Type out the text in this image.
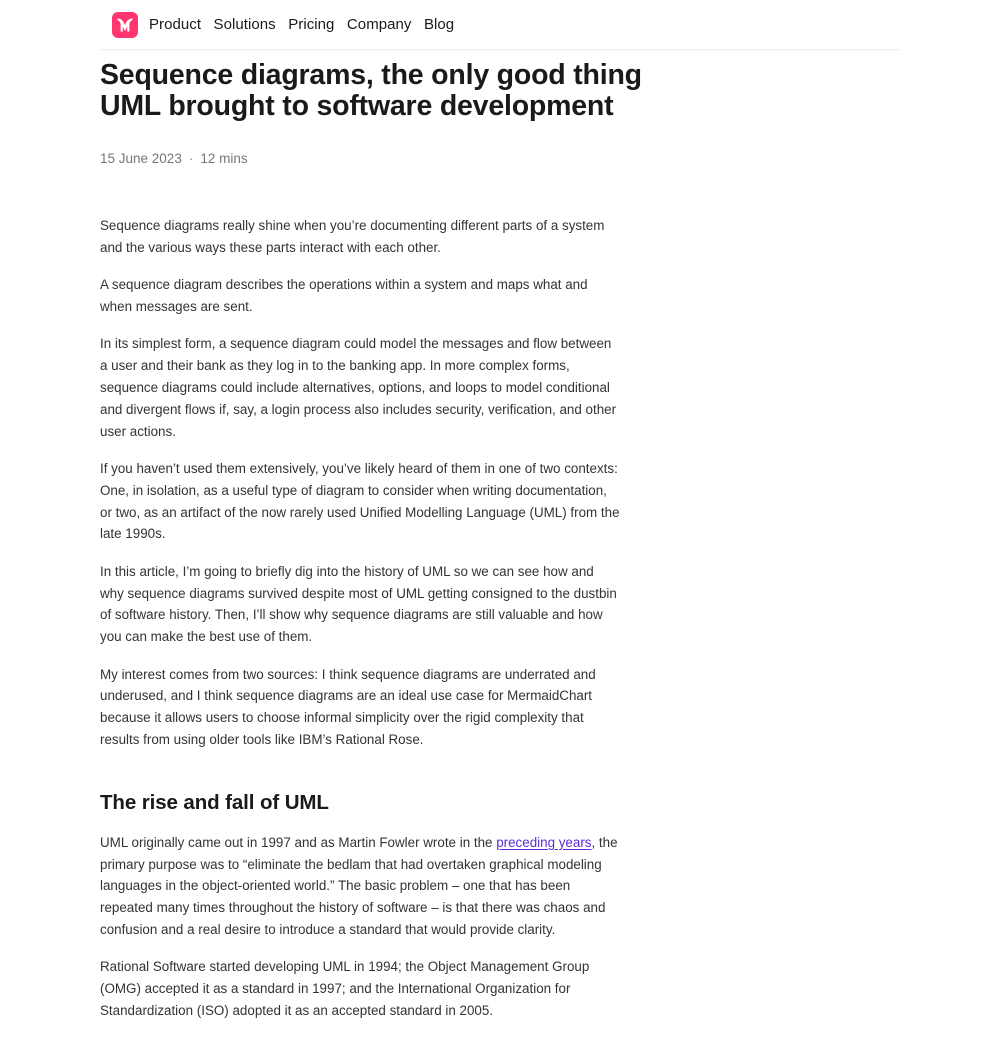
Product Solutions Pricing Company Blog
Sequence diagrams, the only good thing
UML brought to software development
15 June 2023 · 12 mins

Sequence diagrams really shine when you’re documenting different parts of a system and the various ways these parts interact with each other.

A sequence diagram describes the operations within a system and maps what and when messages are sent.

In its simplest form, a sequence diagram could model the messages and flow between a user and their bank as they log in to the banking app. In more complex forms, sequence diagrams could include alternatives, options, and loops to model conditional and divergent flows if, say, a login process also includes security, verification, and other user actions.

If you haven’t used them extensively, you’ve likely heard of them in one of two contexts: One, in isolation, as a useful type of diagram to consider when writing documentation, or two, as an artifact of the now rarely used Unified Modelling Language (UML) from the late 1990s.

In this article, I’m going to briefly dig into the history of UML so we can see how and why sequence diagrams survived despite most of UML getting consigned to the dustbin of software history. Then, I’ll show why sequence diagrams are still valuable and how you can make the best use of them.

My interest comes from two sources: I think sequence diagrams are underrated and underused, and I think sequence diagrams are an ideal use case for MermaidChart because it allows users to choose informal simplicity over the rigid complexity that results from using older tools like IBM’s Rational Rose.

The rise and fall of UML

UML originally came out in 1997 and as Martin Fowler wrote in the preceding years, the primary purpose was to “eliminate the bedlam that had overtaken graphical modeling languages in the object-oriented world.” The basic problem – one that has been repeated many times throughout the history of software – is that there was chaos and confusion and a real desire to introduce a standard that would provide clarity.

Rational Software started developing UML in 1994; the Object Management Group (OMG) accepted it as a standard in 1997; and the International Organization for Standardization (ISO) adopted it as an accepted standard in 2005.
